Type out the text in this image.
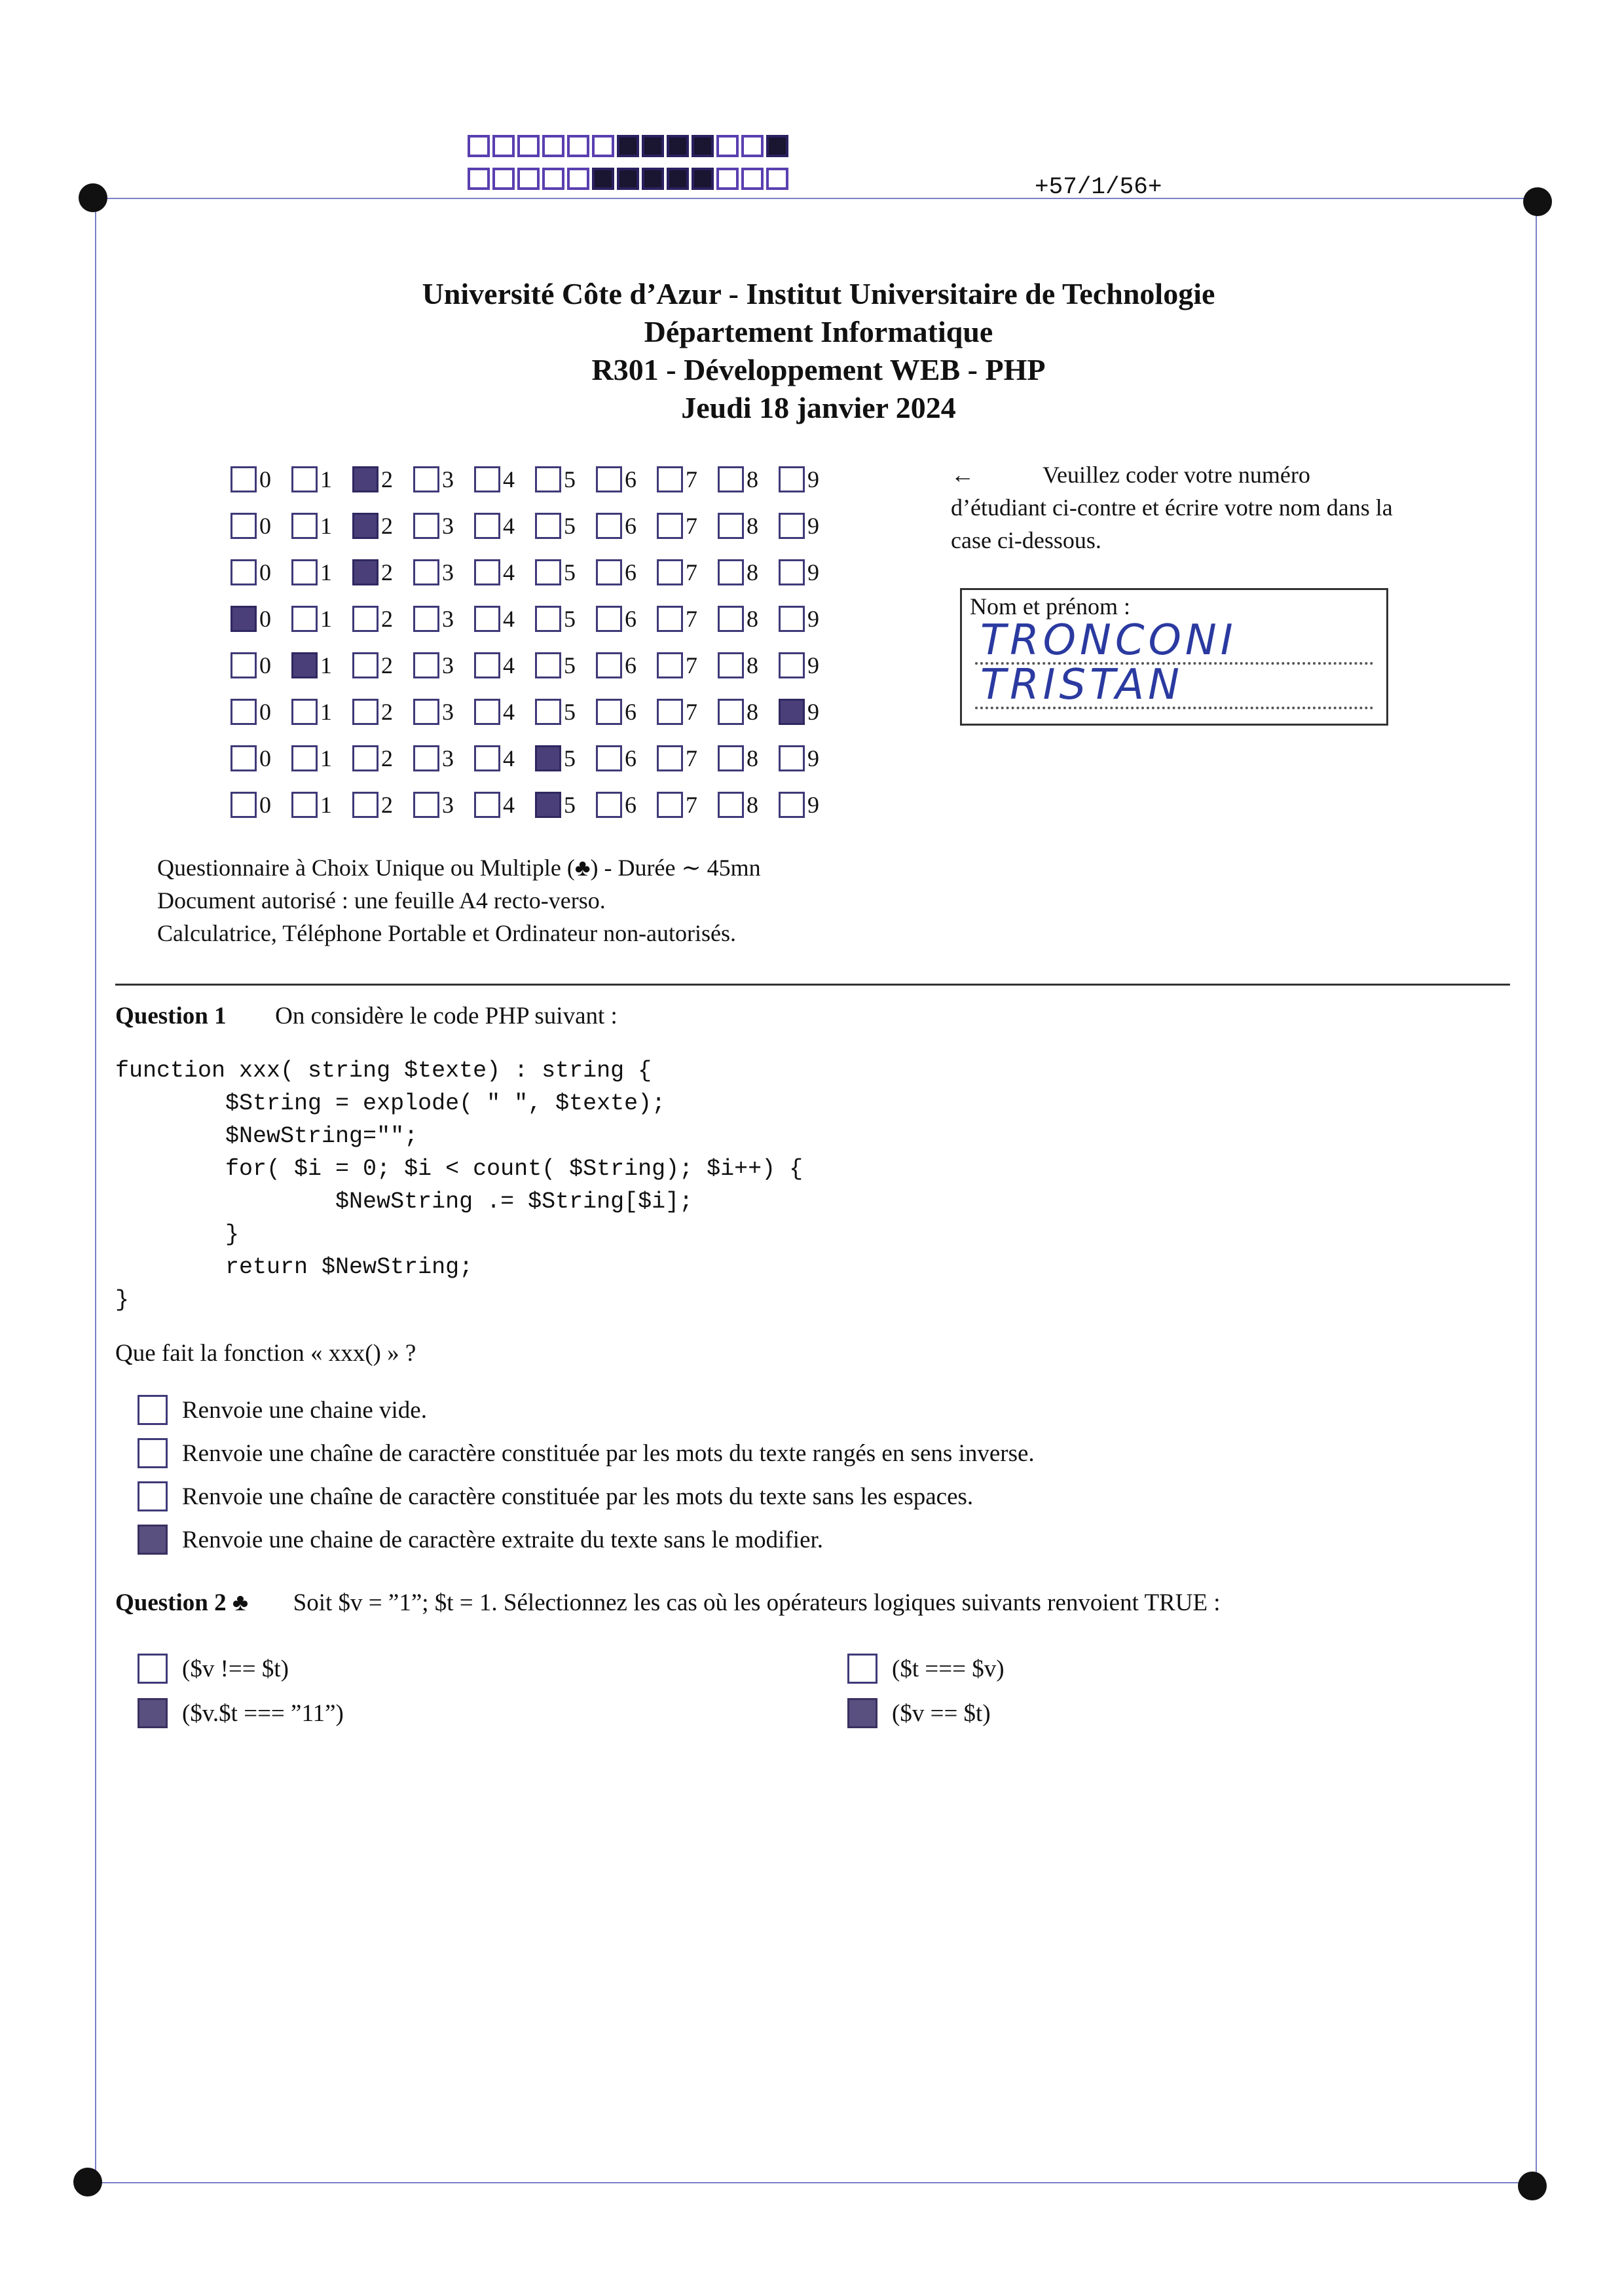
+57/1/56+
Université Côte d’Azur - Institut Universitaire de Technologie
Département Informatique
R301 - Développement WEB - PHP
Jeudi 18 janvier 2024
0 1 2 3 4 5 6 7 8 9
0 1 2 3 4 5 6 7 8 9
0 1 2 3 4 5 6 7 8 9
0 1 2 3 4 5 6 7 8 9
0 1 2 3 4 5 6 7 8 9
0 1 2 3 4 5 6 7 8 9
0 1 2 3 4 5 6 7 8 9
0 1 2 3 4 5 6 7 8 9
←	Veuillez coder votre numéro d’étudiant ci-contre et écrire votre nom dans la case ci-dessous.
Nom et prénom :
TRONCONI
TRISTAN
Questionnaire à Choix Unique ou Multiple (♣) - Durée ∼ 45mn
Document autorisé : une feuille A4 recto-verso.
Calculatrice, Téléphone Portable et Ordinateur non-autorisés.
Question 1 On considère le code PHP suivant :
function xxx( string $texte) : string {
$String = explode( " ", $texte);
$NewString="";
for( $i = 0; $i < count( $String); $i++) {
$NewString .= $String[$i];
}
return $NewString;
}
Que fait la fonction « xxx() » ?
Renvoie une chaine vide.
Renvoie une chaîne de caractère constituée par les mots du texte rangés en sens inverse.
Renvoie une chaîne de caractère constituée par les mots du texte sans les espaces.
Renvoie une chaine de caractère extraite du texte sans le modifier.
Question 2 ♣ Soit $v = ”1”; $t = 1. Sélectionnez les cas où les opérateurs logiques suivants renvoient TRUE :
($v !== $t)	($t === $v)
($v.$t === ”11”)	($v == $t)
